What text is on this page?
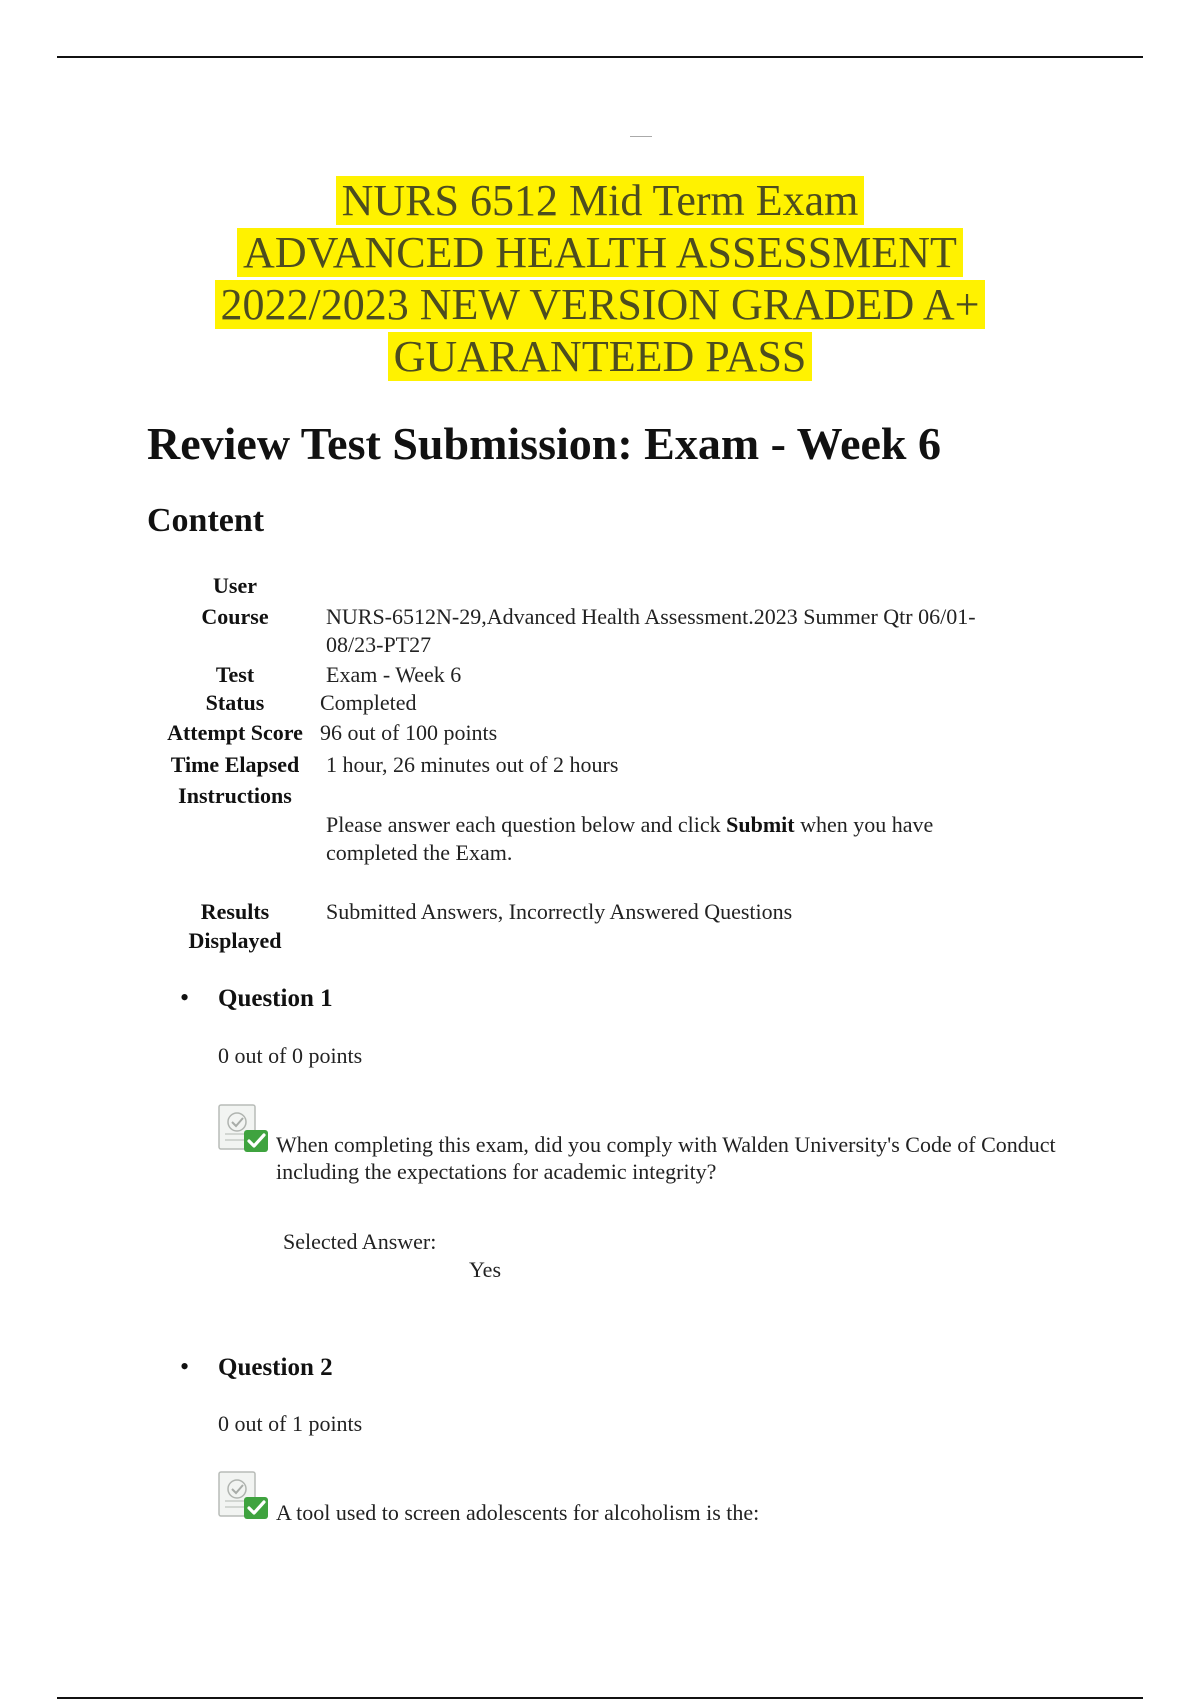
NURS 6512 Mid Term Exam
ADVANCED HEALTH ASSESSMENT
2022/2023 NEW VERSION GRADED A+
GUARANTEED PASS
Review Test Submission: Exam - Week 6
Content
User
Course	NURS-6512N-29,Advanced Health Assessment.2023 Summer Qtr 06/01-
08/23-PT27
Test	Exam - Week 6
Status	Completed
Attempt Score 96 out of 100 points
Time Elapsed	1 hour, 26 minutes out of 2 hours
Instructions
Please answer each question below and click Submit when you have
completed the Exam.
Results
Displayed
Submitted Answers, Incorrectly Answered Questions
• Question 1
0 out of 0 points
When completing this exam, did you comply with Walden University's Code of Conduct
including the expectations for academic integrity?
Selected Answer:
Yes
• Question 2
0 out of 1 points
A tool used to screen adolescents for alcoholism is the:
